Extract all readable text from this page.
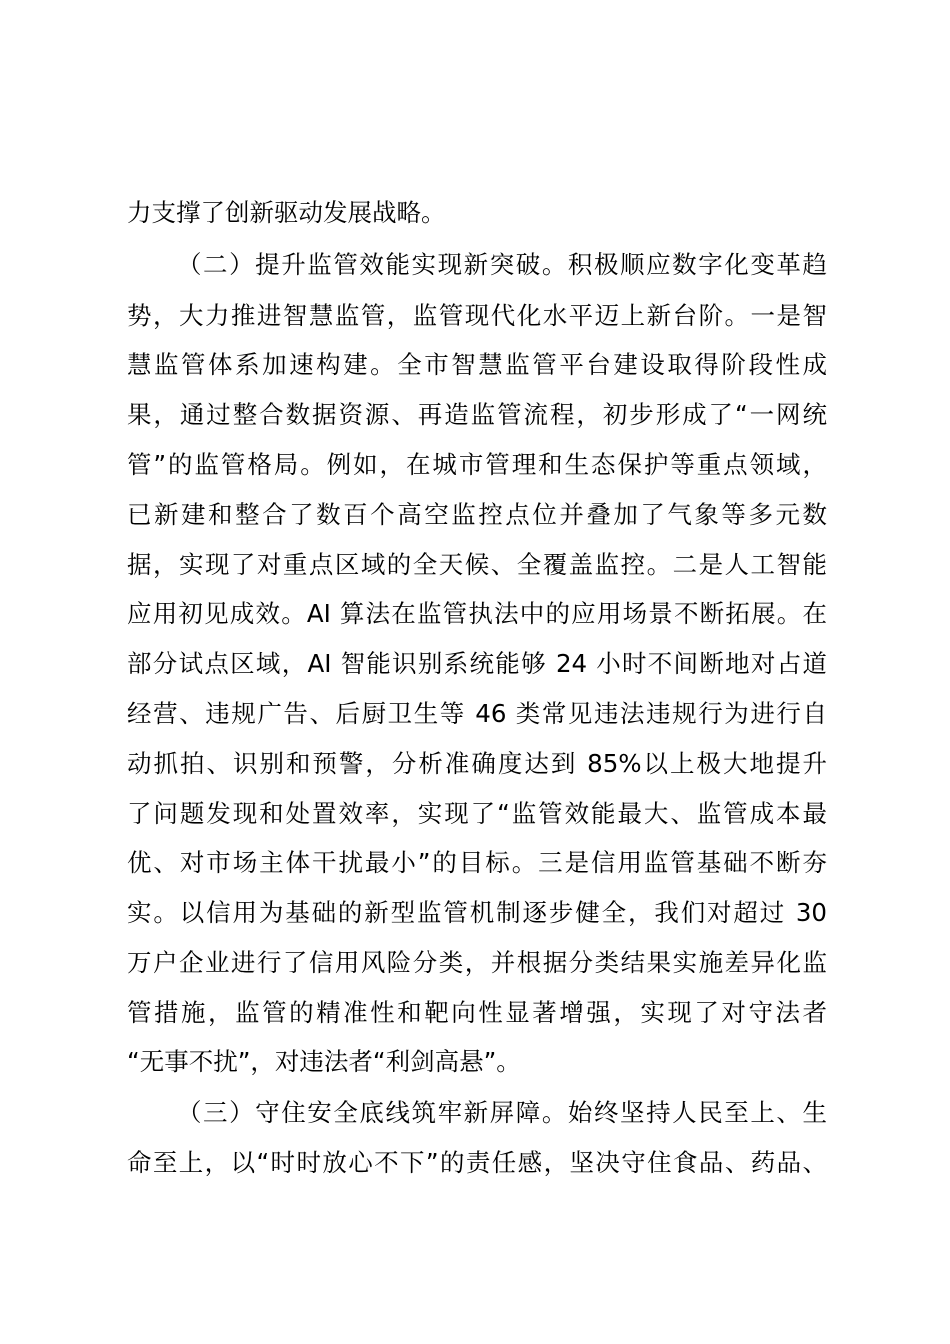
力支撑了创新驱动发展战略。
（二）提升监管效能实现新突破。积极顺应数字化变革趋
势，大力推进智慧监管，监管现代化水平迈上新台阶。一是智
慧监管体系加速构建。全市智慧监管平台建设取得阶段性成
果，通过整合数据资源、再造监管流程，初步形成了“一网统
管”的监管格局。例如，在城市管理和生态保护等重点领域，
已新建和整合了数百个高空监控点位并叠加了气象等多元数
据，实现了对重点区域的全天候、全覆盖监控。二是人工智能
应用初见成效。AI 算法在监管执法中的应用场景不断拓展。在
部分试点区域，AI 智能识别系统能够 24 小时不间断地对占道
经营、违规广告、后厨卫生等 46 类常见违法违规行为进行自
动抓拍、识别和预警，分析准确度达到 85%以上极大地提升
了问题发现和处置效率，实现了“监管效能最大、监管成本最
优、对市场主体干扰最小”的目标。三是信用监管基础不断夯
实。以信用为基础的新型监管机制逐步健全，我们对超过 30
万户企业进行了信用风险分类，并根据分类结果实施差异化监
管措施，监管的精准性和靶向性显著增强，实现了对守法者
“无事不扰”，对违法者“利剑高悬”。
（三）守住安全底线筑牢新屏障。始终坚持人民至上、生
命至上，以“时时放心不下”的责任感，坚决守住食品、药品、
